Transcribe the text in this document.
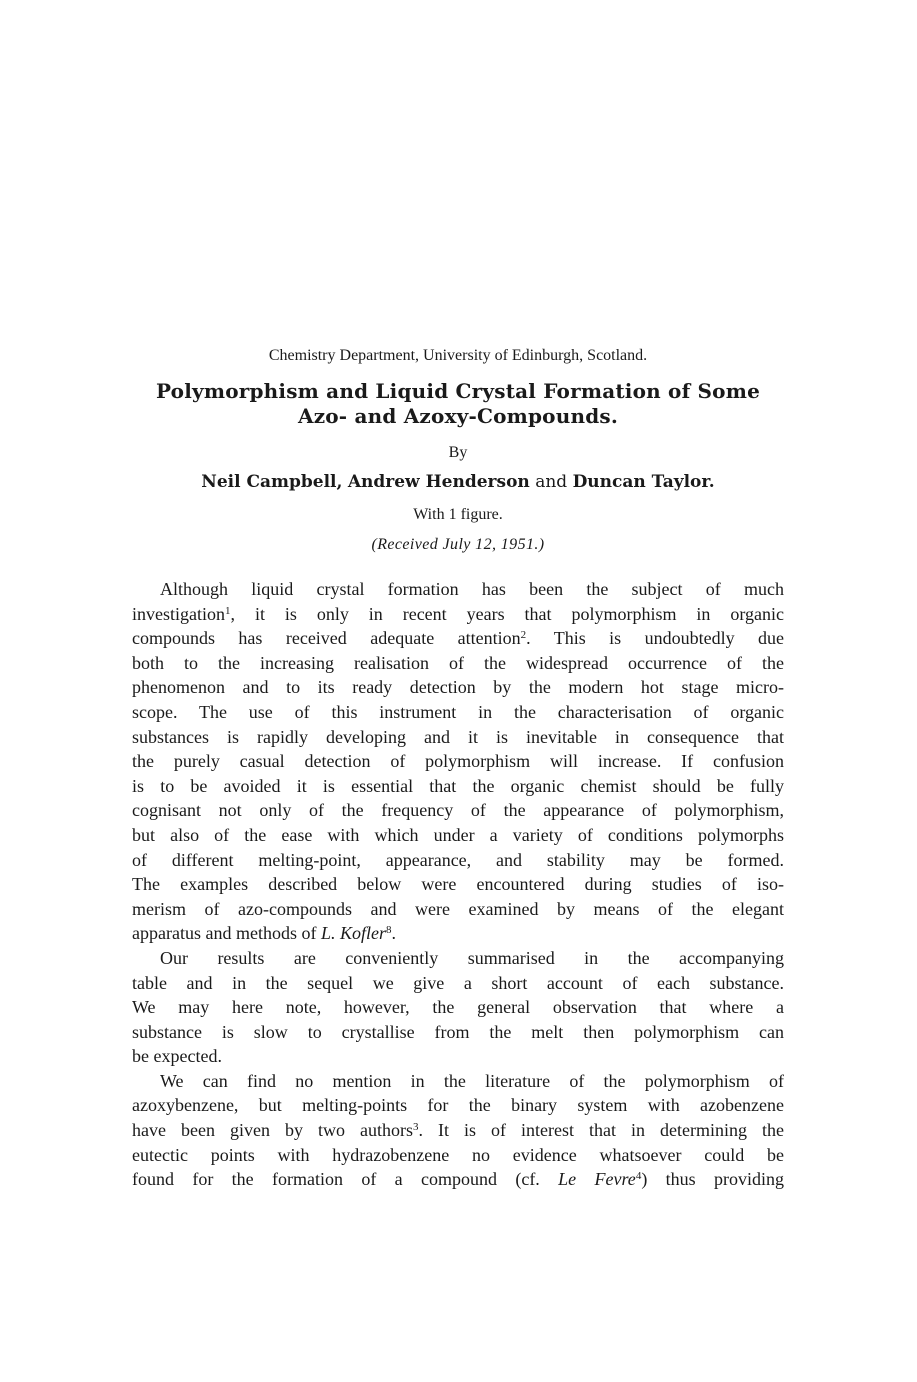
Chemistry Department, University of Edinburgh, Scotland.

Polymorphism and Liquid Crystal Formation of Some
Azo- and Azoxy-Compounds.

By

Neil Campbell, Andrew Henderson and Duncan Taylor.

With 1 figure.

(Received July 12, 1951.)

Although liquid crystal formation has been the subject of much
investigation$^1$, it is only in recent years that polymorphism in organic
compounds has received adequate attention$^2$. This is undoubtedly due
both to the increasing realisation of the widespread occurrence of the
phenomenon and to its ready detection by the modern hot stage micro-
scope. The use of this instrument in the characterisation of organic
substances is rapidly developing and it is inevitable in consequence that
the purely casual detection of polymorphism will increase. If confusion
is to be avoided it is essential that the organic chemist should be fully
cognisant not only of the frequency of the appearance of polymorphism,
but also of the ease with which under a variety of conditions polymorphs
of different melting-point, appearance, and stability may be formed.
The examples described below were encountered during studies of iso-
merism of azo-compounds and were examined by means of the elegant
apparatus and methods of L. Kofler$^8$.
Our results are conveniently summarised in the accompanying
table and in the sequel we give a short account of each substance.
We may here note, however, the general observation that where a
substance is slow to crystallise from the melt then polymorphism can
be expected.
We can find no mention in the literature of the polymorphism of
azoxybenzene, but melting-points for the binary system with azobenzene
have been given by two authors$^3$. It is of interest that in determining the
eutectic points with hydrazobenzene no evidence whatsoever could be
found for the formation of a compound (cf. Le Fevre$^4$) thus providing
